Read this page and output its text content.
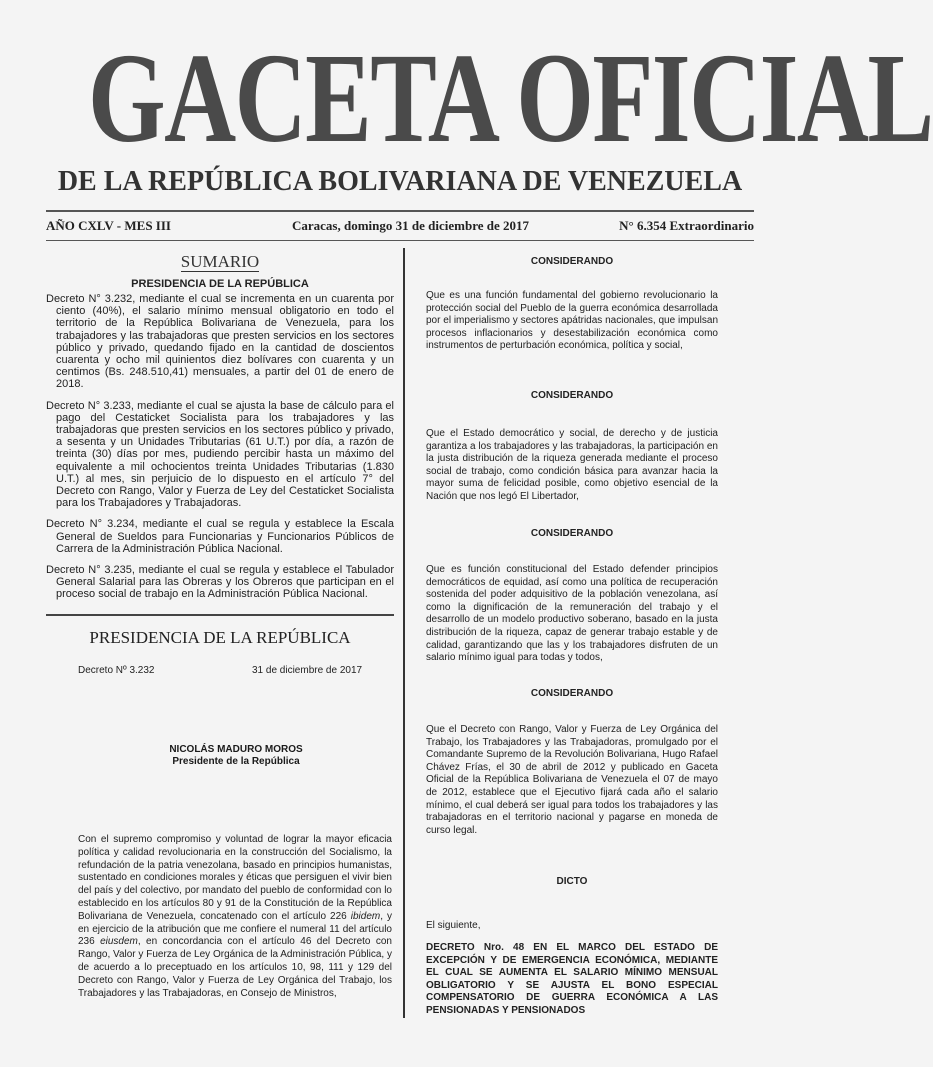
GACETA OFICIAL
DE LA REPÚBLICA BOLIVARIANA DE VENEZUELA
AÑO CXLV - MES III	Caracas, domingo 31 de diciembre de 2017	N° 6.354 Extraordinario
SUMARIO
PRESIDENCIA DE LA REPÚBLICA

Decreto N° 3.232, mediante el cual se incrementa en un cuarenta por ciento (40%), el salario mínimo mensual obligatorio en todo el territorio de la República Bolivariana de Venezuela, para los trabajadores y las trabajadoras que presten servicios en los sectores público y privado, quedando fijado en la cantidad de doscientos cuarenta y ocho mil quinientos diez bolívares con cuarenta y un centimos (Bs. 248.510,41) mensuales, a partir del 01 de enero de 2018.

Decreto N° 3.233, mediante el cual se ajusta la base de cálculo para el pago del Cestaticket Socialista para los trabajadores y las trabajadoras que presten servicios en los sectores público y privado, a sesenta y un Unidades Tributarias (61 U.T.) por día, a razón de treinta (30) días por mes, pudiendo percibir hasta un máximo del equivalente a mil ochocientos treinta Unidades Tributarias (1.830 U.T.) al mes, sin perjuicio de lo dispuesto en el artículo 7° del Decreto con Rango, Valor y Fuerza de Ley del Cestaticket Socialista para los Trabajadores y Trabajadoras.

Decreto N° 3.234, mediante el cual se regula y establece la Escala General de Sueldos para Funcionarias y Funcionarios Públicos de Carrera de la Administración Pública Nacional.

Decreto N° 3.235, mediante el cual se regula y establece el Tabulador General Salarial para las Obreras y los Obreros que participan en el proceso social de trabajo en la Administración Pública Nacional.

PRESIDENCIA DE LA REPÚBLICA
Decreto Nº 3.232	31 de diciembre de 2017
NICOLÁS MADURO MOROS
Presidente de la República
Con el supremo compromiso y voluntad de lograr la mayor eficacia política y calidad revolucionaria en la construcción del Socialismo, la refundación de la patria venezolana, basado en principios humanistas, sustentado en condiciones morales y éticas que persiguen el vivir bien del país y del colectivo, por mandato del pueblo de conformidad con lo establecido en los artículos 80 y 91 de la Constitución de la República Bolivariana de Venezuela, concatenado con el artículo 226 ibidem, y en ejercicio de la atribución que me confiere el numeral 11 del artículo 236 eiusdem, en concordancia con el artículo 46 del Decreto con Rango, Valor y Fuerza de Ley Orgánica de la Administración Pública, y de acuerdo a lo preceptuado en los artículos 10, 98, 111 y 129 del Decreto con Rango, Valor y Fuerza de Ley Orgánica del Trabajo, los Trabajadores y las Trabajadoras, en Consejo de Ministros,
CONSIDERANDO
Que es una función fundamental del gobierno revolucionario la protección social del Pueblo de la guerra económica desarrollada por el imperialismo y sectores apátridas nacionales, que impulsan procesos inflacionarios y desestabilización económica como instrumentos de perturbación económica, política y social,
CONSIDERANDO
Que el Estado democrático y social, de derecho y de justicia garantiza a los trabajadores y las trabajadoras, la participación en la justa distribución de la riqueza generada mediante el proceso social de trabajo, como condición básica para avanzar hacia la mayor suma de felicidad posible, como objetivo esencial de la Nación que nos legó El Libertador,
CONSIDERANDO
Que es función constitucional del Estado defender principios democráticos de equidad, así como una política de recuperación sostenida del poder adquisitivo de la población venezolana, así como la dignificación de la remuneración del trabajo y el desarrollo de un modelo productivo soberano, basado en la justa distribución de la riqueza, capaz de generar trabajo estable y de calidad, garantizando que las y los trabajadores disfruten de un salario mínimo igual para todas y todos,
CONSIDERANDO
Que el Decreto con Rango, Valor y Fuerza de Ley Orgánica del Trabajo, los Trabajadores y las Trabajadoras, promulgado por el Comandante Supremo de la Revolución Bolivariana, Hugo Rafael Chávez Frías, el 30 de abril de 2012 y publicado en Gaceta Oficial de la República Bolivariana de Venezuela el 07 de mayo de 2012, establece que el Ejecutivo fijará cada año el salario mínimo, el cual deberá ser igual para todos los trabajadores y las trabajadoras en el territorio nacional y pagarse en moneda de curso legal.
DICTO
El siguiente,
DECRETO Nro. 48 EN EL MARCO DEL ESTADO DE EXCEPCIÓN Y DE EMERGENCIA ECONÓMICA, MEDIANTE EL CUAL SE AUMENTA EL SALARIO MÍNIMO MENSUAL OBLIGATORIO Y SE AJUSTA EL BONO ESPECIAL COMPENSATORIO DE GUERRA ECONÓMICA A LAS PENSIONADAS Y PENSIONADOS
